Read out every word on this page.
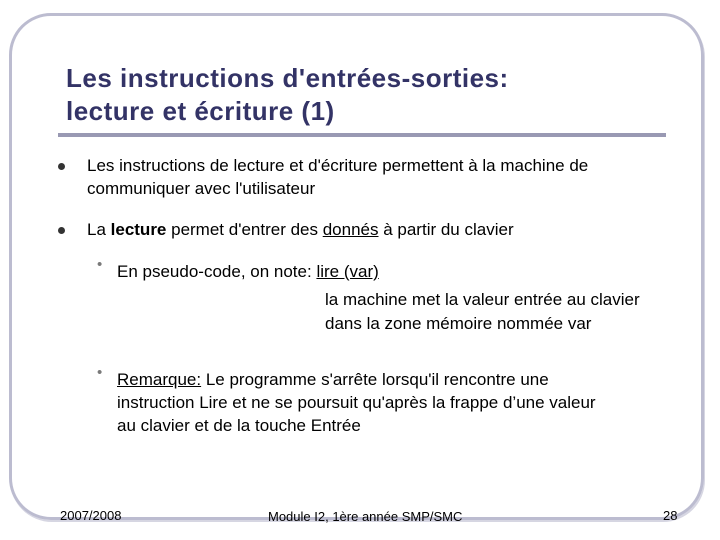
Les instructions d'entrées-sorties:
lecture et écriture (1)
Les instructions de lecture et d'écriture permettent à la machine de
communiquer avec l'utilisateur
La lecture permet d'entrer des donnés à partir du clavier
• En pseudo-code, on note: lire (var)
la machine met la valeur entrée au clavier
dans la zone mémoire nommée var
• Remarque: Le programme s'arrête lorsqu'il rencontre une
instruction Lire et ne se poursuit qu'après la frappe d’une valeur
au clavier et de la touche Entrée
2007/2008	Module I2, 1ère année SMP/SMC	28
